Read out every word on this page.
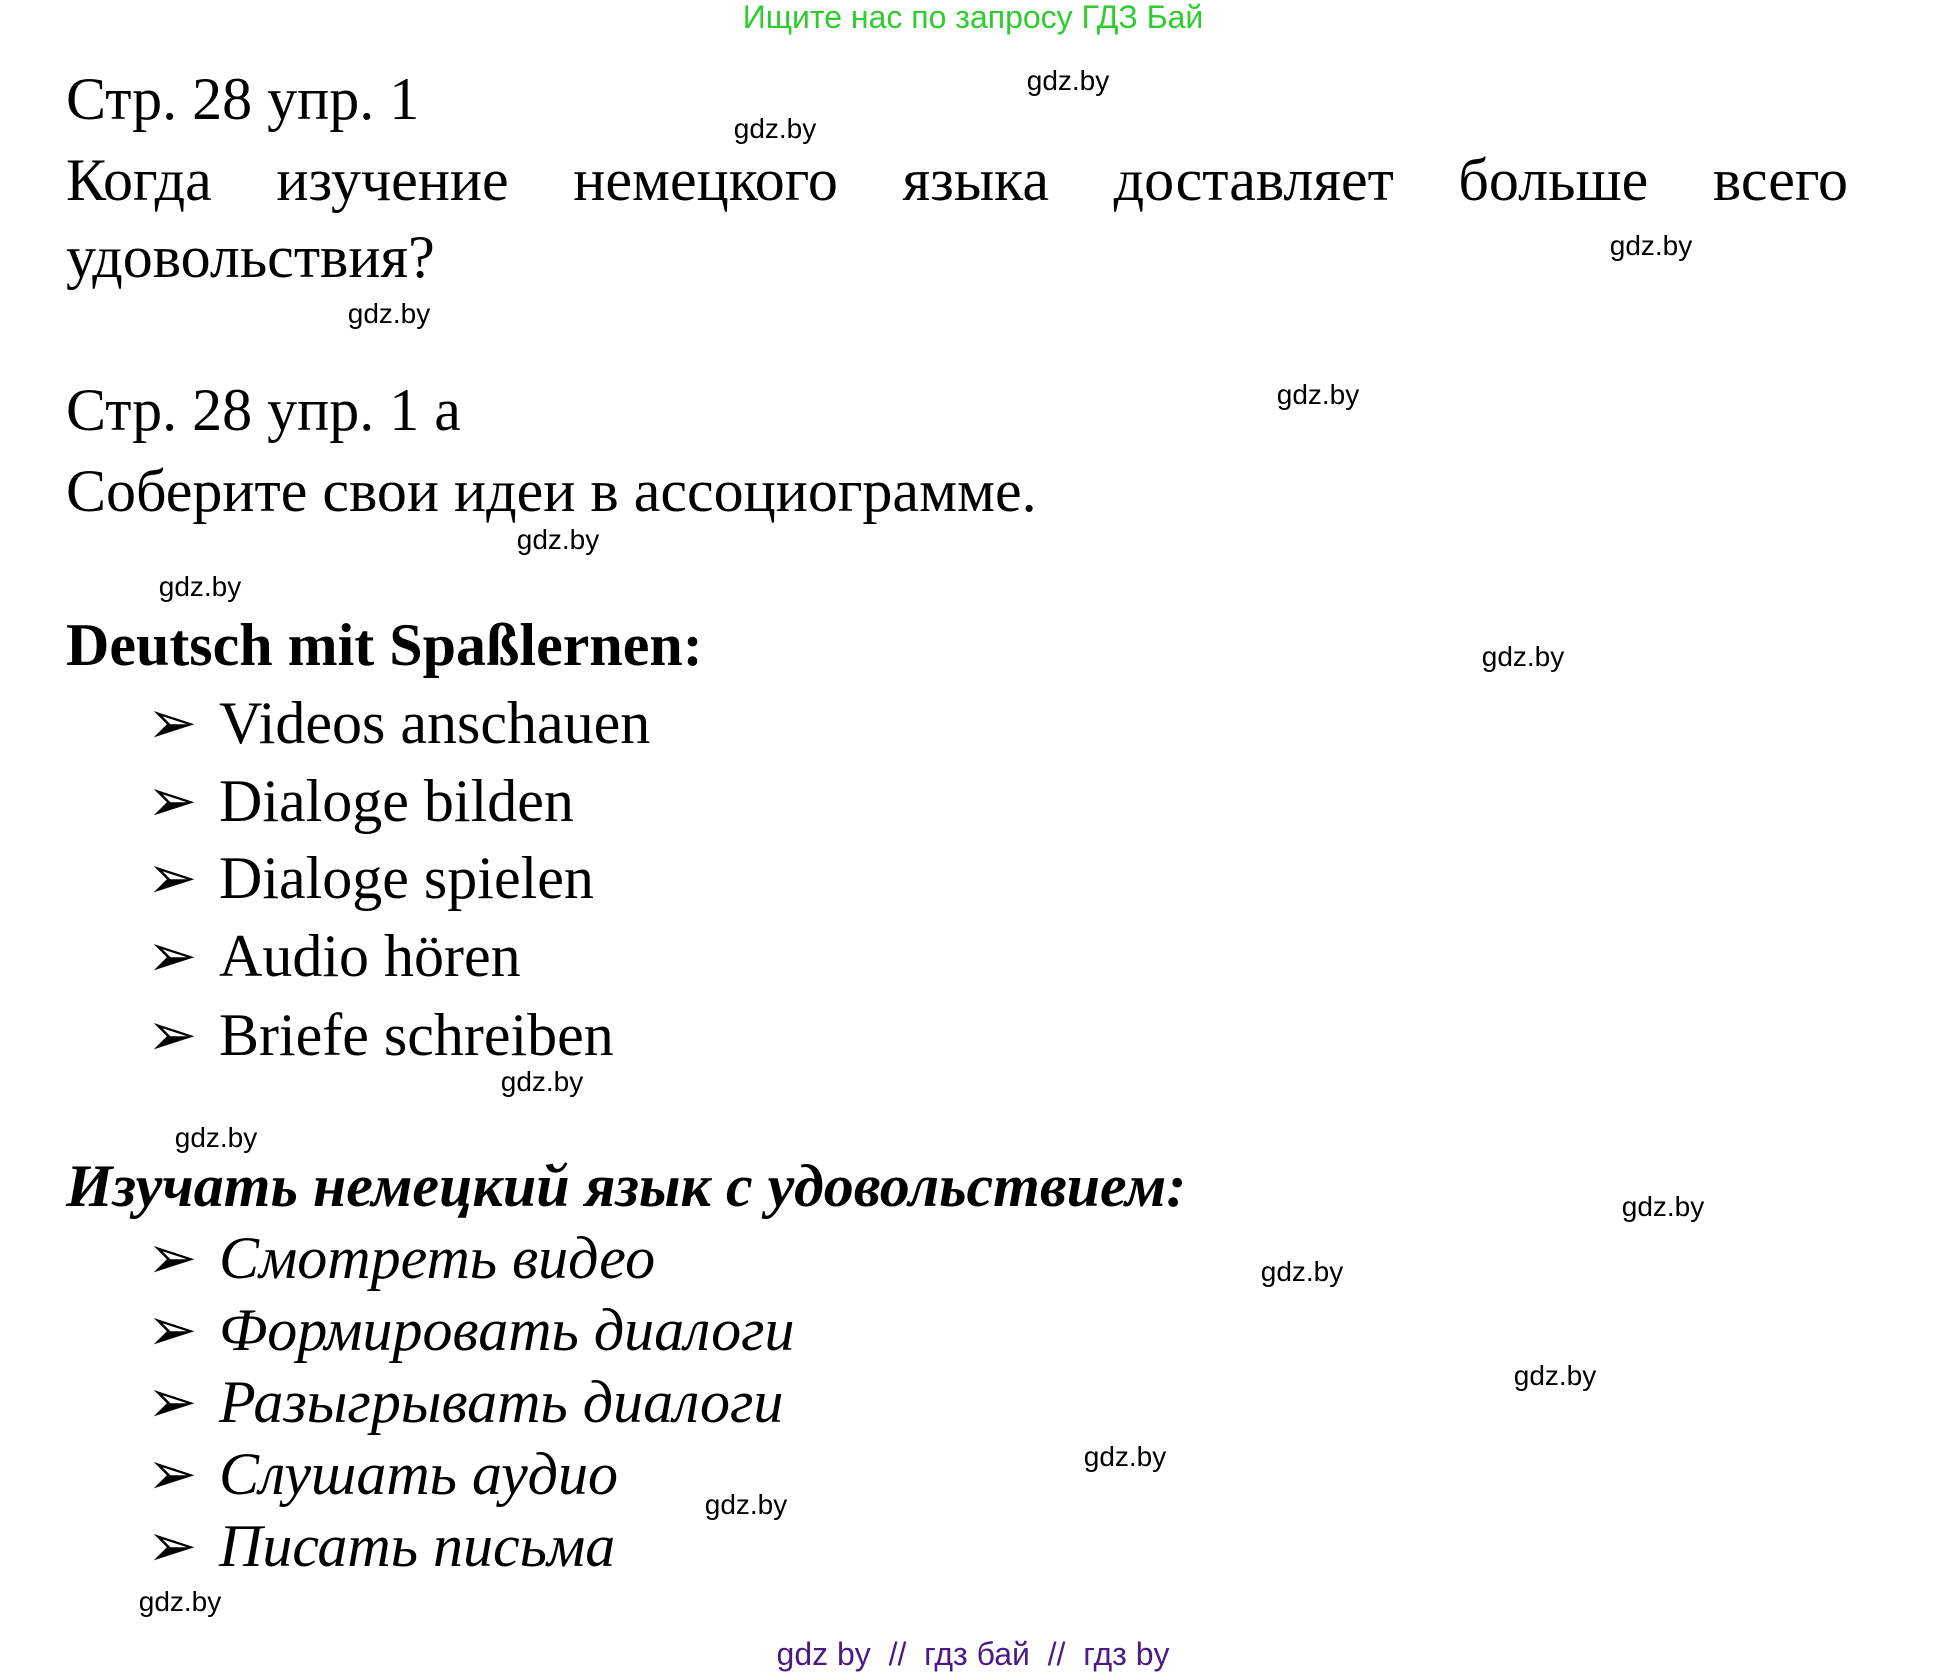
Ищите нас по запросу ГДЗ Бай
Стр. 28 упр. 1
Когда изучение немецкого языка доставляет больше всего
удовольствия?
Стр. 28 упр. 1 а
Соберите свои идеи в ассоциограмме.
Deutsch mit Spaßlernen:
➢ Videos anschauen
➢ Dialoge bilden
➢ Dialoge spielen
➢ Audio hören
➢ Briefe schreiben
Изучать немецкий язык с удовольствием:
➢ Смотреть видео
➢ Формировать диалоги
➢ Разыгрывать диалоги
➢ Слушать аудио
➢ Писать письма
gdz.by
gdz.by
gdz.by
gdz.by
gdz.by
gdz.by
gdz.by
gdz.by
gdz.by
gdz.by
gdz.by
gdz.by
gdz.by
gdz.by
gdz.by
gdz.by
gdz by  //  гдз бай  //  гдз by
